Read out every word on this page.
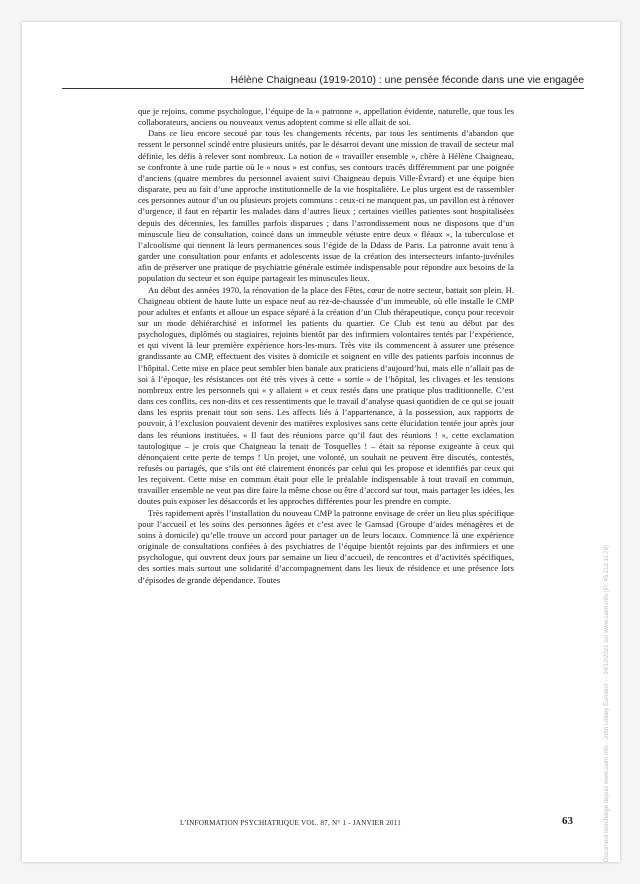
Hélène Chaigneau (1919-2010) : une pensée féconde dans une vie engagée

que je rejoins, comme psychologue, l’équipe de la « patronne », appellation évidente, naturelle, que tous les collaborateurs, anciens ou nouveaux venus adoptent comme si elle allait de soi.

Dans ce lieu encore secoué par tous les changements récents, par tous les sentiments d’abandon que ressent le personnel scindé entre plusieurs unités, par le désarroi devant une mission de travail de secteur mal définie, les défis à relever sont nombreux. La notion de « travailler ensemble », chère à Hélène Chaigneau, se confronte à une rude partie où le « nous » est confus, ses contours tracés différemment par une poignée d’anciens (quatre membres du personnel avaient suivi Chaigneau depuis Ville-Évrard) et une équipe bien disparate, peu au fait d’une approche institutionnelle de la vie hospitalière. Le plus urgent est de rassembler ces personnes autour d’un ou plusieurs projets communs : ceux-ci ne manquent pas, un pavillon est à rénover d’urgence, il faut en répartir les malades dans d’autres lieux ; certaines vieilles patientes sont hospitalisées depuis des décennies, les familles parfois disparues ; dans l’arrondissement nous ne disposons que d’un minuscule lieu de consultation, coincé dans un immeuble vétuste entre deux « fléaux », la tuberculose et l’alcoolisme qui tiennent là leurs permanences sous l’égide de la Ddass de Paris. La patronne avait tenu à garder une consultation pour enfants et adolescents issue de la création des intersecteurs infanto-juvéniles afin de préserver une pratique de psychiatrie générale estimée indispensable pour répondre aux besoins de la population du secteur et son équipe partageait les minuscules lieux.

Au début des années 1970, la rénovation de la place des Fêtes, cœur de notre secteur, battait son plein. H. Chaigneau obtient de haute lutte un espace neuf au rez-de-chaussée d’un immeuble, où elle installe le CMP pour adultes et enfants et alloue un espace séparé à la création d’un Club thérapeutique, conçu pour recevoir sur un mode déhiérarchisé et informel les patients du quartier. Ce Club est tenu au début par des psychologues, diplômés ou stagiaires, rejoints bientôt par des infirmiers volontaires tentés par l’expérience, et qui vivent là leur première expérience hors-les-murs. Très vite ils commencent à assurer une présence grandissante au CMP, effectuent des visites à domicile et soignent en ville des patients parfois inconnus de l’hôpital. Cette mise en place peut sembler bien banale aux praticiens d’aujourd’hui, mais elle n’allait pas de soi à l’époque, les résistances ont été très vives à cette « sortie » de l’hôpital, les clivages et les tensions nombreux entre les personnels qui « y allaient » et ceux restés dans une pratique plus traditionnelle. C’est dans ces conflits, ces non-dits et ces ressentiments que le travail d’analyse quasi quotidien de ce qui se jouait dans les esprits prenait tout son sens. Les affects liés à l’appartenance, à la possession, aux rapports de pouvoir, à l’exclusion pouvaient devenir des matières explosives sans cette élucidation tentée jour après jour dans les réunions instituées. « Il faut des réunions parce qu’il faut des réunions ! », cette exclamation tautologique – je crois que Chaigneau la tenait de Tosquelles ! – était sa réponse exigeante à ceux qui dénonçaient cette perte de temps ! Un projet, une volonté, un souhait ne peuvent être discutés, contestés, refusés ou partagés, que s’ils ont été clairement énoncés par celui qui les propose et identifiés par ceux qui les reçoivent. Cette mise en commun était pour elle le préalable indispensable à tout travail en commun, travailler ensemble ne veut pas dire faire la même chose ou être d’accord sur tout, mais partager les idées, les doutes puis exposer les désaccords et les approches différentes pour les prendre en compte.

Très rapidement après l’installation du nouveau CMP la patronne envisage de créer un lieu plus spécifique pour l’accueil et les soins des personnes âgées et c’est avec le Gamsad (Groupe d’aides ménagères et de soins à domicile) qu’elle trouve un accord pour partager un de leurs locaux. Commence là une expérience originale de consultations confiées à des psychiatres de l’équipe bientôt rejoints par des infirmiers et une psychologue, qui ouvrent deux jours par semaine un lieu d’accueil, de rencontres et d’activités spécifiques, des sorties mais surtout une solidarité d’accompagnement dans les lieux de résidence et une présence lors d’épisodes de grande dépendance. Toutes

L’INFORMATION PSYCHIATRIQUE VOL. 87, N° 1 - JANVIER 2011	63	Document téléchargé depuis www.cairn.info - John Libbey Eurotext - - 24/10/2021 sur www.cairn.info (IP: 45.212.11.79)
